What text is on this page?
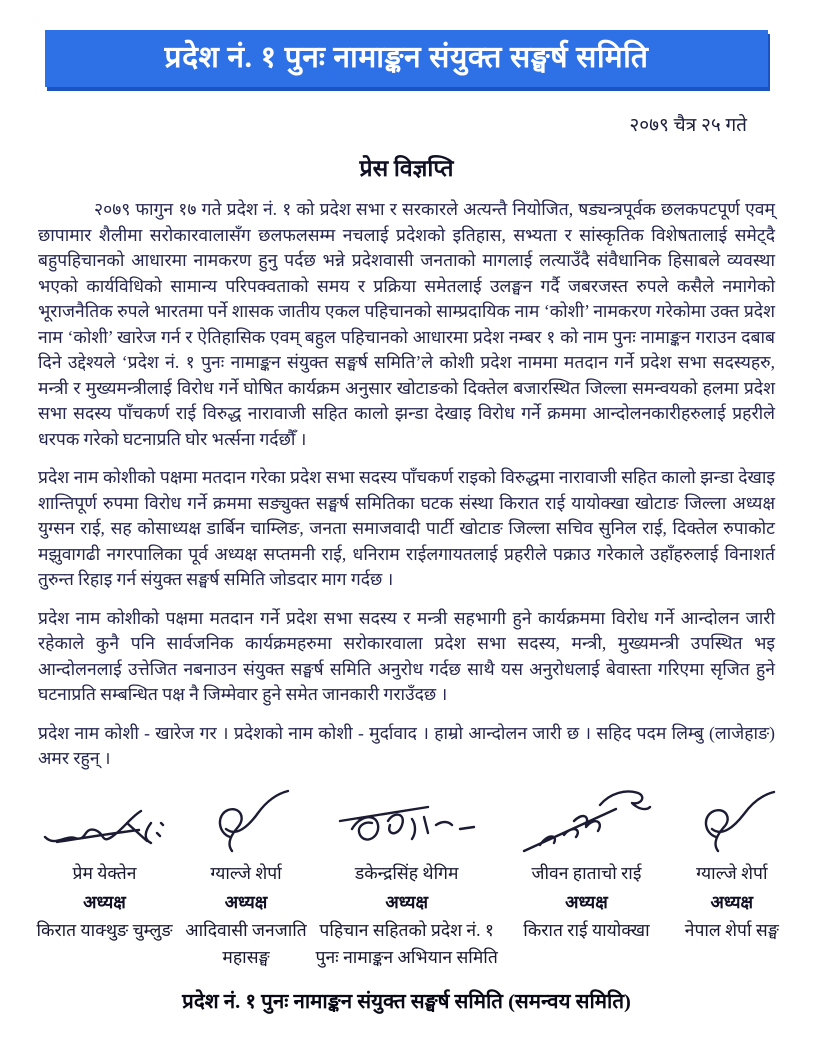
प्रदेश नं. १ पुनः नामाङ्कन संयुक्त सङ्घर्ष समिति
२०७९ चैत्र २५ गते
प्रेस विज्ञप्ति

२०७९ फागुन १७ गते प्रदेश नं. १ को प्रदेश सभा र सरकारले अत्यन्तै नियोजित, षड्यन्त्रपूर्वक छलकपटपूर्ण एवम् छापामार शैलीमा सरोकारवालासँग छलफलसम्म नचलाई प्रदेशको इतिहास, सभ्यता र सांस्कृतिक विशेषतालाई समेट्दै बहुपहिचानको आधारमा नामकरण हुनु पर्दछ भन्ने प्रदेशवासी जनताको मागलाई लत्याउँदै संवैधानिक हिसाबले व्यवस्था भएको कार्यविधिको सामान्य परिपक्वताको समय र प्रक्रिया समेतलाई उलङ्घन गर्दै जबरजस्त रुपले कसैले नमागेको भूराजनैतिक रुपले भारतमा पर्ने शासक जातीय एकल पहिचानको साम्प्रदायिक नाम ‘कोशी’ नामकरण गरेकोमा उक्त प्रदेश नाम ‘कोशी’ खारेज गर्न र ऐतिहासिक एवम् बहुल पहिचानको आधारमा प्रदेश नम्बर १ को नाम पुनः नामाङ्कन गराउन दबाब दिने उद्देश्यले ‘प्रदेश नं. १ पुनः नामाङ्कन संयुक्त सङ्घर्ष समिति’ले कोशी प्रदेश नाममा मतदान गर्ने प्रदेश सभा सदस्यहरु, मन्त्री र मुख्यमन्त्रीलाई विरोध गर्ने घोषित कार्यक्रम अनुसार खोटाङको दिक्तेल बजारस्थित जिल्ला समन्वयको हलमा प्रदेश सभा सदस्य पाँचकर्ण राई विरुद्ध नारावाजी सहित कालो झन्डा देखाइ विरोध गर्ने क्रममा आन्दोलनकारीहरुलाई प्रहरीले धरपक गरेको घटनाप्रति घोर भर्त्सना गर्दछौँ ।

प्रदेश नाम कोशीको पक्षमा मतदान गरेका प्रदेश सभा सदस्य पाँचकर्ण राइको विरुद्धमा नारावाजी सहित कालो झन्डा देखाइ शान्तिपूर्ण रुपमा विरोध गर्ने क्रममा सङ्युक्त सङ्घर्ष समितिका घटक संस्था किरात राई यायोक्खा खोटाङ जिल्ला अध्यक्ष युग्सन राई, सह कोसाध्यक्ष डार्बिन चाम्लिङ, जनता समाजवादी पार्टी खोटाङ जिल्ला सचिव सुनिल राई, दिक्तेल रुपाकोट मझुवागढी नगरपालिका पूर्व अध्यक्ष सप्तमनी राई, धनिराम राईलगायतलाई प्रहरीले पक्राउ गरेकाले उहाँहरुलाई विनाशर्त तुरुन्त रिहाइ गर्न संयुक्त सङ्घर्ष समिति जोडदार माग गर्दछ ।

प्रदेश नाम कोशीको पक्षमा मतदान गर्ने प्रदेश सभा सदस्य र मन्त्री सहभागी हुने कार्यक्रममा विरोध गर्ने आन्दोलन जारी रहेकाले कुनै पनि सार्वजनिक कार्यक्रमहरुमा सरोकारवाला प्रदेश सभा सदस्य, मन्त्री, मुख्यमन्त्री उपस्थित भइ आन्दोलनलाई उत्तेजित नबनाउन संयुक्त सङ्घर्ष समिति अनुरोध गर्दछ साथै यस अनुरोधलाई बेवास्ता गरिएमा सृजित हुने घटनाप्रति सम्बन्धित पक्ष नै जिम्मेवार हुने समेत जानकारी गराउँदछ ।

प्रदेश नाम कोशी - खारेज गर । प्रदेशको नाम कोशी - मुर्दावाद । हाम्रो आन्दोलन जारी छ । सहिद पदम लिम्बु (लाजेहाङ) अमर रहुन् ।

प्रेम येक्तेन
अध्यक्ष
किरात याक्थुङ चुम्लुङ
ग्याल्जे शेर्पा
अध्यक्ष
आदिवासी जनजाति महासङ्घ
डकेन्द्रसिंह थेगिम
अध्यक्ष
पहिचान सहितको प्रदेश नं. १ पुनः नामाङ्कन अभियान समिति
जीवन हाताचो राई
अध्यक्ष
किरात राई यायोक्खा
ग्याल्जे शेर्पा
अध्यक्ष
नेपाल शेर्पा सङ्घ
प्रदेश नं. १ पुनः नामाङ्कन संयुक्त सङ्घर्ष समिति (समन्वय समिति)
